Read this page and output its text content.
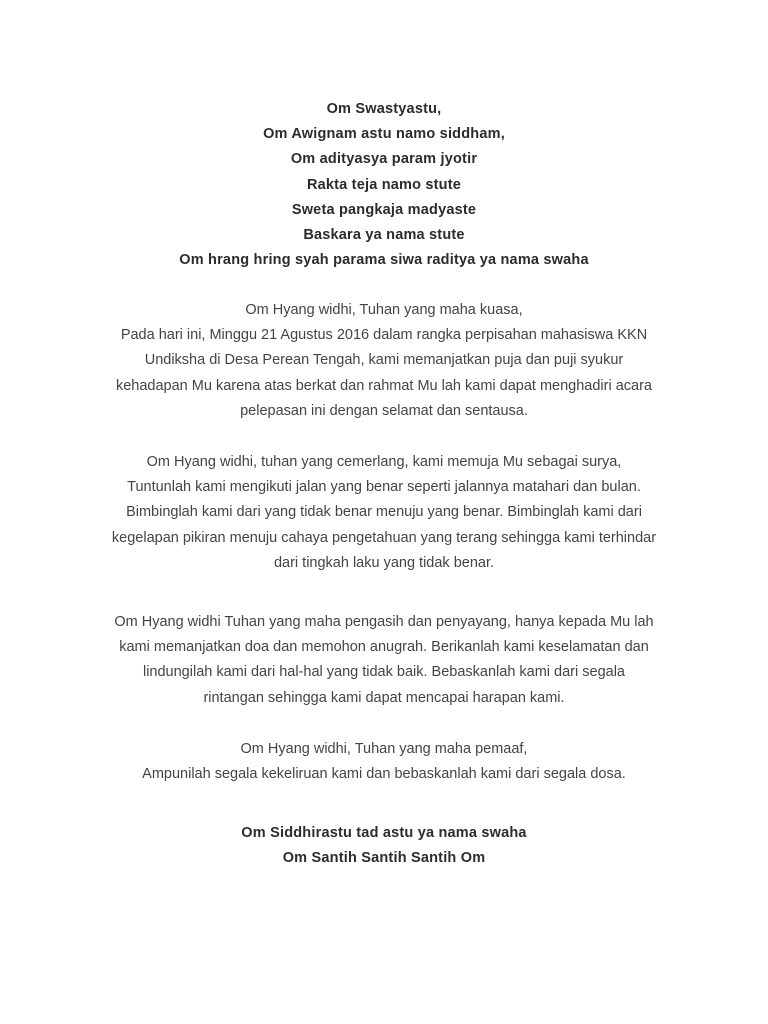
Om Swastyastu,
Om Awignam astu namo siddham,
Om adityasya param jyotir
Rakta teja namo stute
Sweta pangkaja madyaste
Baskara ya nama stute
Om hrang hring syah parama siwa raditya ya nama swaha
Om Hyang widhi, Tuhan yang maha kuasa,
Pada hari ini, Minggu 21 Agustus 2016 dalam rangka perpisahan mahasiswa KKN
Undiksha di Desa Perean Tengah, kami memanjatkan puja dan puji syukur
kehadapan Mu karena atas berkat dan rahmat Mu lah kami dapat menghadiri acara
pelepasan ini dengan selamat dan sentausa.
Om Hyang widhi, tuhan yang cemerlang, kami memuja Mu sebagai surya,
Tuntunlah kami mengikuti jalan yang benar seperti jalannya matahari dan bulan.
Bimbinglah kami dari yang tidak benar menuju yang benar. Bimbinglah kami dari
kegelapan pikiran menuju cahaya pengetahuan yang terang sehingga kami terhindar
dari tingkah laku yang tidak benar.
Om Hyang widhi Tuhan yang maha pengasih dan penyayang, hanya kepada Mu lah
kami memanjatkan doa dan memohon anugrah. Berikanlah kami keselamatan dan
lindungilah kami dari hal-hal yang tidak baik. Bebaskanlah kami dari segala
rintangan sehingga kami dapat mencapai harapan kami.
Om Hyang widhi, Tuhan yang maha pemaaf,
Ampunilah segala kekeliruan kami dan bebaskanlah kami dari segala dosa.
Om Siddhirastu tad astu ya nama swaha
Om Santih Santih Santih Om
